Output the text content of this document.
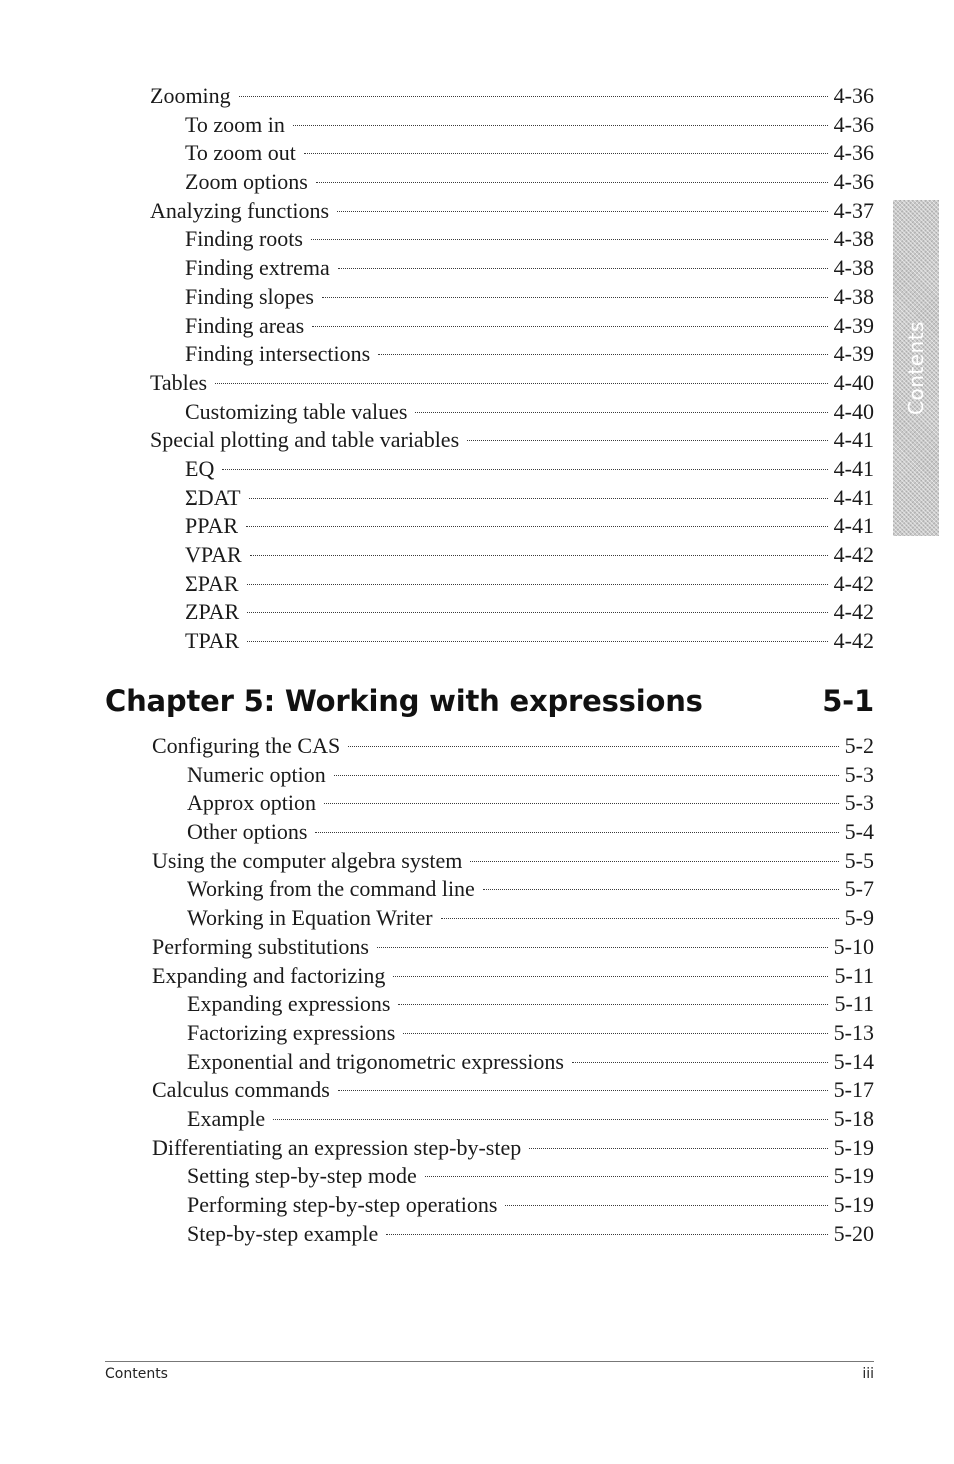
Zooming	4-36
To zoom in	4-36
To zoom out	4-36
Zoom options	4-36
Analyzing functions	4-37
Finding roots	4-38
Finding extrema	4-38
Finding slopes	4-38
Finding areas	4-39
Finding intersections	4-39
Tables	4-40
Customizing table values	4-40
Special plotting and table variables	4-41
EQ	4-41
ΣDAT	4-41
PPAR	4-41
VPAR	4-42
ΣPAR	4-42
ZPAR	4-42
TPAR	4-42
Chapter 5: Working with expressions	5-1
Configuring the CAS	5-2
Numeric option	5-3
Approx option	5-3
Other options	5-4
Using the computer algebra system	5-5
Working from the command line	5-7
Working in Equation Writer	5-9
Performing substitutions	5-10
Expanding and factorizing	5-11
Expanding expressions	5-11
Factorizing expressions	5-13
Exponential and trigonometric expressions	5-14
Calculus commands	5-17
Example	5-18
Differentiating an expression step-by-step	5-19
Setting step-by-step mode	5-19
Performing step-by-step operations	5-19
Step-by-step example	5-20
Contents
Contents	iii
